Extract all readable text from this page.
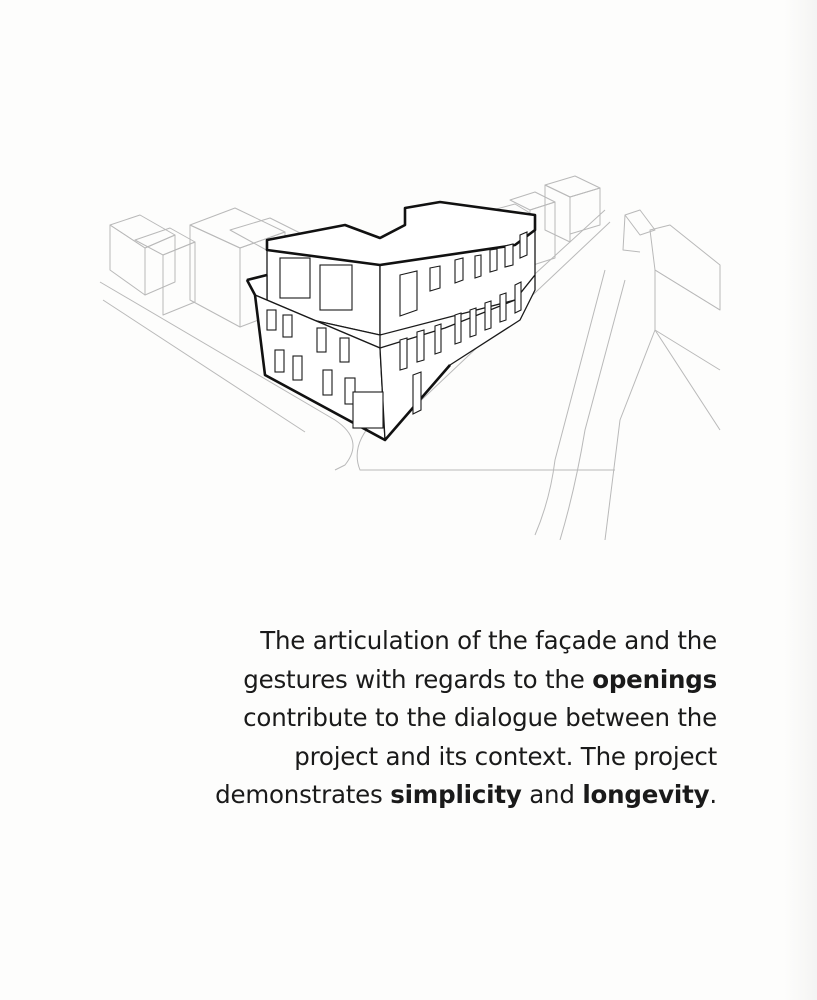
The articulation of the façade and the
gestures with regards to the openings
contribute to the dialogue between the
project and its context. The project
demonstrates simplicity and longevity.
